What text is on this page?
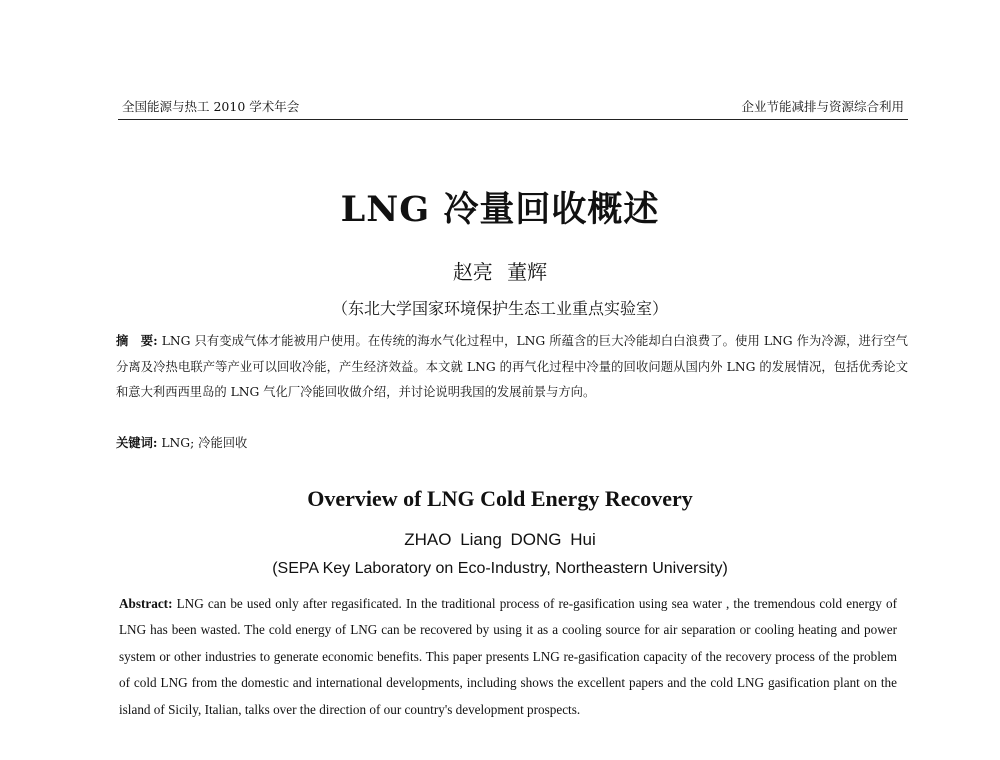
全国能源与热工 2010 学术年会	企业节能减排与资源综合利用
LNG 冷量回收概述
赵亮 董辉
（东北大学国家环境保护生态工业重点实验室）

摘　要: LNG 只有变成气体才能被用户使用。在传统的海水气化过程中，LNG 所蕴含的巨大冷能却白白浪费了。使用 LNG 作为冷源，进行空气分离及冷热电联产等产业可以回收冷能，产生经济效益。本文就 LNG 的再气化过程中冷量的回收问题从国内外 LNG 的发展情况，包括优秀论文和意大利西西里岛的 LNG 气化厂冷能回收做介绍，并讨论说明我国的发展前景与方向。

关键词: LNG; 冷能回收

Overview of LNG Cold Energy Recovery
ZHAO Liang DONG Hui
(SEPA Key Laboratory on Eco-Industry, Northeastern University)

Abstract: LNG can be used only after regasificated. In the traditional process of re-gasification using sea water , the tremendous cold energy of LNG has been wasted. The cold energy of LNG can be recovered by using it as a cooling source for air separation or cooling heating and power system or other industries to generate economic benefits. This paper presents LNG re-gasification capacity of the recovery process of the problem of cold LNG from the domestic and international developments, including shows the excellent papers and the cold LNG gasification plant on the island of Sicily, Italian, talks over the direction of our country's development prospects.
